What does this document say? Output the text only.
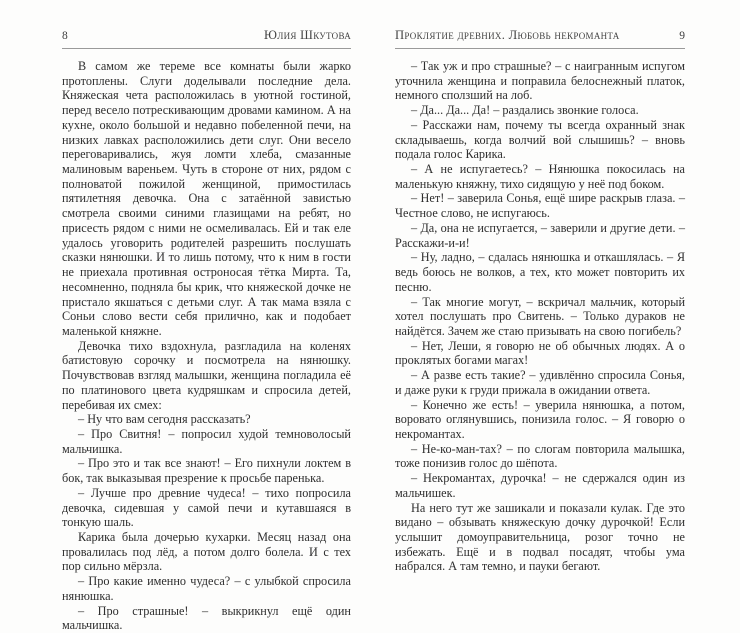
8	Юлия Шкутова

В самом же тереме все комнаты были жарко протоплены. Слуги доделывали последние дела. Княжеская чета расположилась в уютной гостиной, перед весело потрескивающим дровами камином. А на кухне, около большой и недавно побеленной печи, на низких лавках расположились дети слуг. Они весело переговаривались, жуя ломти хлеба, смазанные малиновым вареньем. Чуть в стороне от них, рядом с полноватой пожилой женщиной, примостилась пятилетняя девочка. Она с затаённой завистью смотрела своими синими глазищами на ребят, но присесть рядом с ними не осмеливалась. Ей и так еле удалось уговорить родителей разрешить послушать сказки нянюшки. И то лишь потому, что к ним в гости не приехала противная остроносая тётка Мирта. Та, несомненно, подняла бы крик, что княжеской дочке не пристало якшаться с детьми слуг. А так мама взяла с Соньи слово вести себя прилично, как и подобает маленькой княжне.

Девочка тихо вздохнула, разгладила на коленях батистовую сорочку и посмотрела на нянюшку. Почувствовав взгляд малышки, женщина погладила её по платинового цвета кудряшкам и спросила детей, перебивая их смех:

– Ну что вам сегодня рассказать?

– Про Свитня! – попросил худой темноволосый мальчишка.

– Про это и так все знают! – Его пихнули локтем в бок, так выказывая презрение к просьбе паренька.

– Лучше про древние чудеса! – тихо попросила девочка, сидевшая у самой печи и кутавшаяся в тонкую шаль.

Карика была дочерью кухарки. Месяц назад она провалилась под лёд, а потом долго болела. И с тех пор сильно мёрзла.

– Про какие именно чудеса? – с улыбкой спросила нянюшка.

– Про страшные! – выкрикнул ещё один мальчишка.

Проклятие древних. Любовь некроманта	9

– Так уж и про страшные? – с наигранным испугом уточнила женщина и поправила белоснежный платок, немного сползший на лоб.

– Да... Да... Да! – раздались звонкие голоса.

– Расскажи нам, почему ты всегда охранный знак складываешь, когда волчий вой слышишь? – вновь подала голос Карика.

– А не испугаетесь? – Нянюшка покосилась на маленькую княжну, тихо сидящую у неё под боком.

– Нет! – заверила Сонья, ещё шире раскрыв глаза. – Честное слово, не испугаюсь.

– Да, она не испугается, – заверили и другие дети. – Расскажи-и-и!

– Ну, ладно, – сдалась нянюшка и откашлялась. – Я ведь боюсь не волков, а тех, кто может повторить их песню.

– Так многие могут, – вскричал мальчик, который хотел послушать про Свитень. – Только дураков не найдётся. Зачем же стаю призывать на свою погибель?

– Нет, Леши, я говорю не об обычных людях. А о проклятых богами магах!

– А разве есть такие? – удивлённо спросила Сонья, и даже руки к груди прижала в ожидании ответа.

– Конечно же есть! – уверила нянюшка, а потом, вороватo оглянувшись, понизила голос. – Я говорю о некромантах.

– Не-ко-ман-тах? – по слогам повторила малышка, тоже понизив голос до шёпота.

– Некромантах, дурочка! – не сдержался один из мальчишек.

На него тут же зашикали и показали кулак. Где это видано – обзывать княжескую дочку дурочкой! Если услышит домоуправительница, розог точно не избежать. Ещё и в подвал посадят, чтобы ума набрался. А там темно, и пауки бегают.
